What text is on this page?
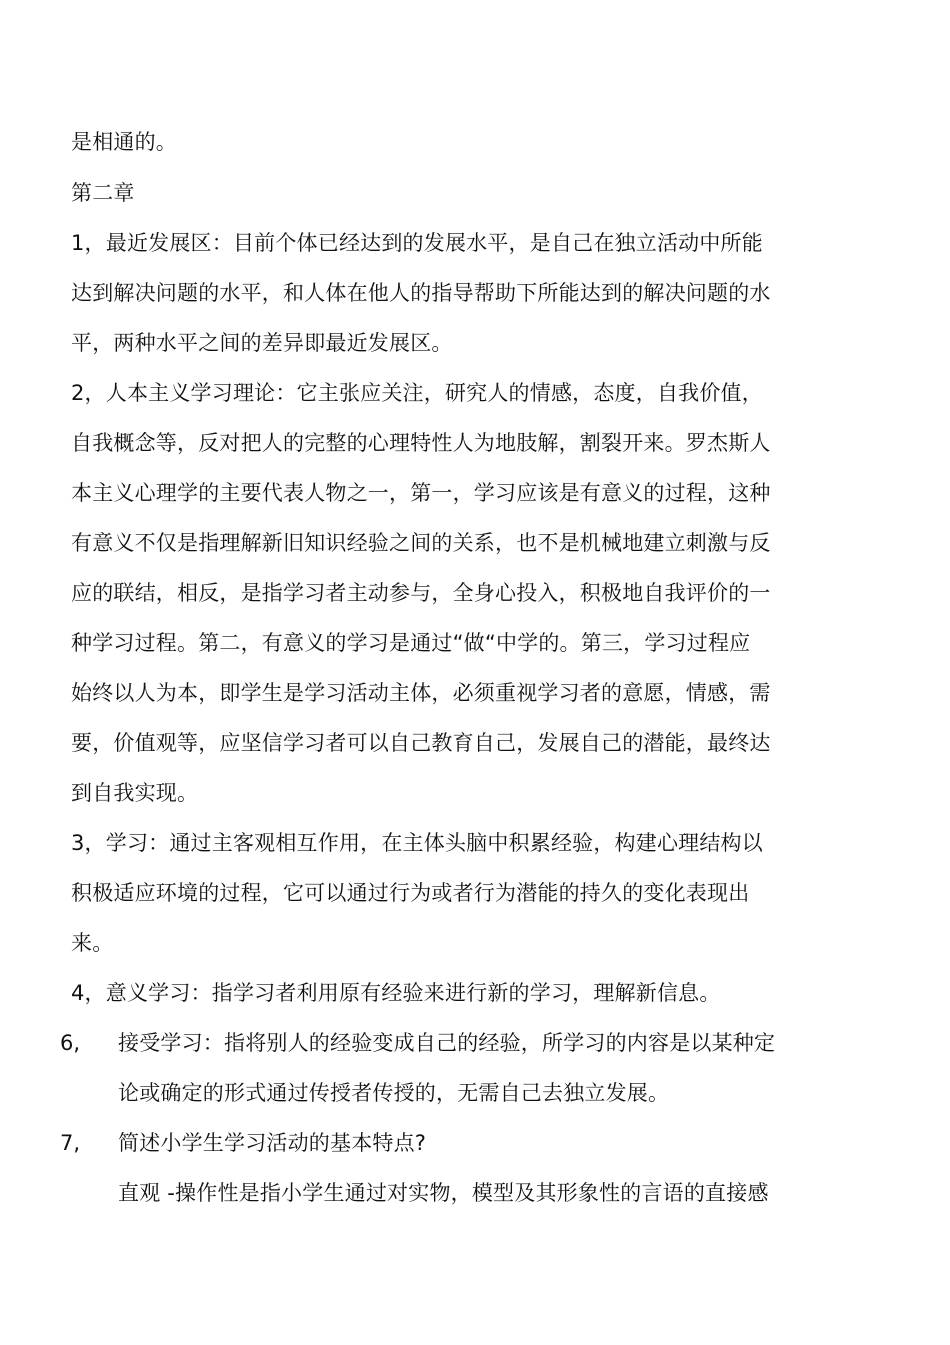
是相通的。
第二章
1，最近发展区：目前个体已经达到的发展水平，是自己在独立活动中所能
达到解决问题的水平，和人体在他人的指导帮助下所能达到的解决问题的水
平，两种水平之间的差异即最近发展区。
2，人本主义学习理论：它主张应关注，研究人的情感，态度，自我价值，
自我概念等，反对把人的完整的心理特性人为地肢解，割裂开来。罗杰斯人
本主义心理学的主要代表人物之一，第一，学习应该是有意义的过程，这种
有意义不仅是指理解新旧知识经验之间的关系，也不是机械地建立刺激与反
应的联结，相反，是指学习者主动参与，全身心投入，积极地自我评价的一
种学习过程。第二，有意义的学习是通过“做“中学的。第三，学习过程应
始终以人为本，即学生是学习活动主体，必须重视学习者的意愿，情感，需
要，价值观等，应坚信学习者可以自己教育自己，发展自己的潜能，最终达
到自我实现。
3，学习：通过主客观相互作用，在主体头脑中积累经验，构建心理结构以
积极适应环境的过程，它可以通过行为或者行为潜能的持久的变化表现出
来。
4，意义学习：指学习者利用原有经验来进行新的学习，理解新信息。
6, 接受学习：指将别人的经验变成自己的经验，所学习的内容是以某种定
论或确定的形式通过传授者传授的，无需自己去独立发展。
7, 简述小学生学习活动的基本特点?
直观 -操作性是指小学生通过对实物，模型及其形象性的言语的直接感
